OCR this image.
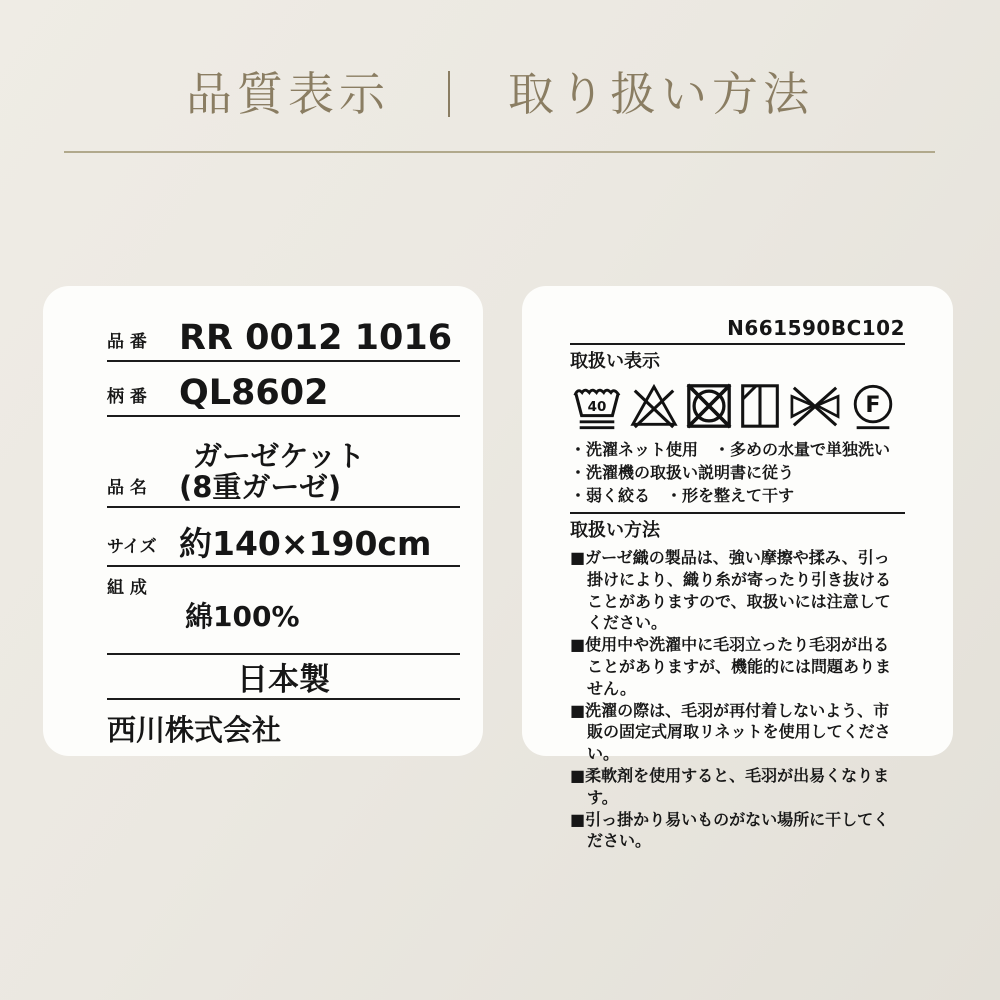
品質表示	取り扱い方法
品 番 RR 0012 1016
柄 番 QL8602
品 名
ガーゼケット
(8重ガーゼ)
サイズ 約140×190cm
組 成
綿100%
日本製
西川株式会社
N661590BC102
取扱い表示
40	F
・洗濯ネット使用　・多めの水量で単独洗い
・洗濯機の取扱い説明書に従う
・弱く絞る　・形を整えて干す
取扱い方法
■ガーゼ織の製品は、強い摩擦や揉み、引っ掛けにより、織り糸が寄ったり引き抜けることがありますので、取扱いには注意してください。
■使用中や洗濯中に毛羽立ったり毛羽が出ることがありますが、機能的には問題ありません。
■洗濯の際は、毛羽が再付着しないよう、市販の固定式屑取リネットを使用してください。
■柔軟剤を使用すると、毛羽が出易くなります。
■引っ掛かり易いものがない場所に干してください。
